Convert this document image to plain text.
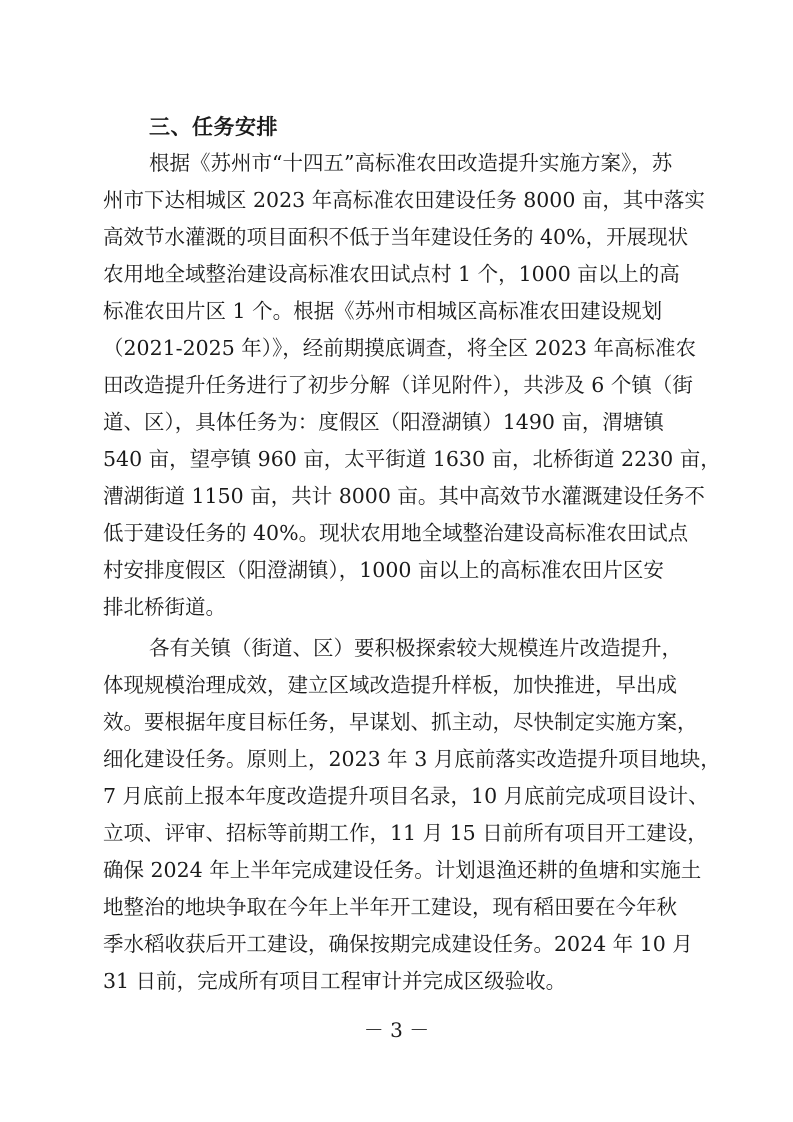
三、任务安排
根据《苏州市“十四五”高标准农田改造提升实施方案》，苏
州市下达相城区 2023 年高标准农田建设任务 8000 亩，其中落实
高效节水灌溉的项目面积不低于当年建设任务的 40%，开展现状
农用地全域整治建设高标准农田试点村 1 个，1000 亩以上的高
标准农田片区 1 个。根据《苏州市相城区高标准农田建设规划
（2021-2025 年）》，经前期摸底调查，将全区 2023 年高标准农
田改造提升任务进行了初步分解（详见附件），共涉及 6 个镇（街
道、区），具体任务为：度假区（阳澄湖镇）1490 亩，渭塘镇
540 亩，望亭镇 960 亩，太平街道 1630 亩，北桥街道 2230 亩，
漕湖街道 1150 亩，共计 8000 亩。其中高效节水灌溉建设任务不
低于建设任务的 40%。现状农用地全域整治建设高标准农田试点
村安排度假区（阳澄湖镇），1000 亩以上的高标准农田片区安
排北桥街道。
各有关镇（街道、区）要积极探索较大规模连片改造提升，
体现规模治理成效，建立区域改造提升样板，加快推进，早出成
效。要根据年度目标任务，早谋划、抓主动，尽快制定实施方案，
细化建设任务。原则上，2023 年 3 月底前落实改造提升项目地块，
7 月底前上报本年度改造提升项目名录，10 月底前完成项目设计、
立项、评审、招标等前期工作，11 月 15 日前所有项目开工建设，
确保 2024 年上半年完成建设任务。计划退渔还耕的鱼塘和实施土
地整治的地块争取在今年上半年开工建设，现有稻田要在今年秋
季水稻收获后开工建设，确保按期完成建设任务。2024 年 10 月
31 日前，完成所有项目工程审计并完成区级验收。
－ 3 －
